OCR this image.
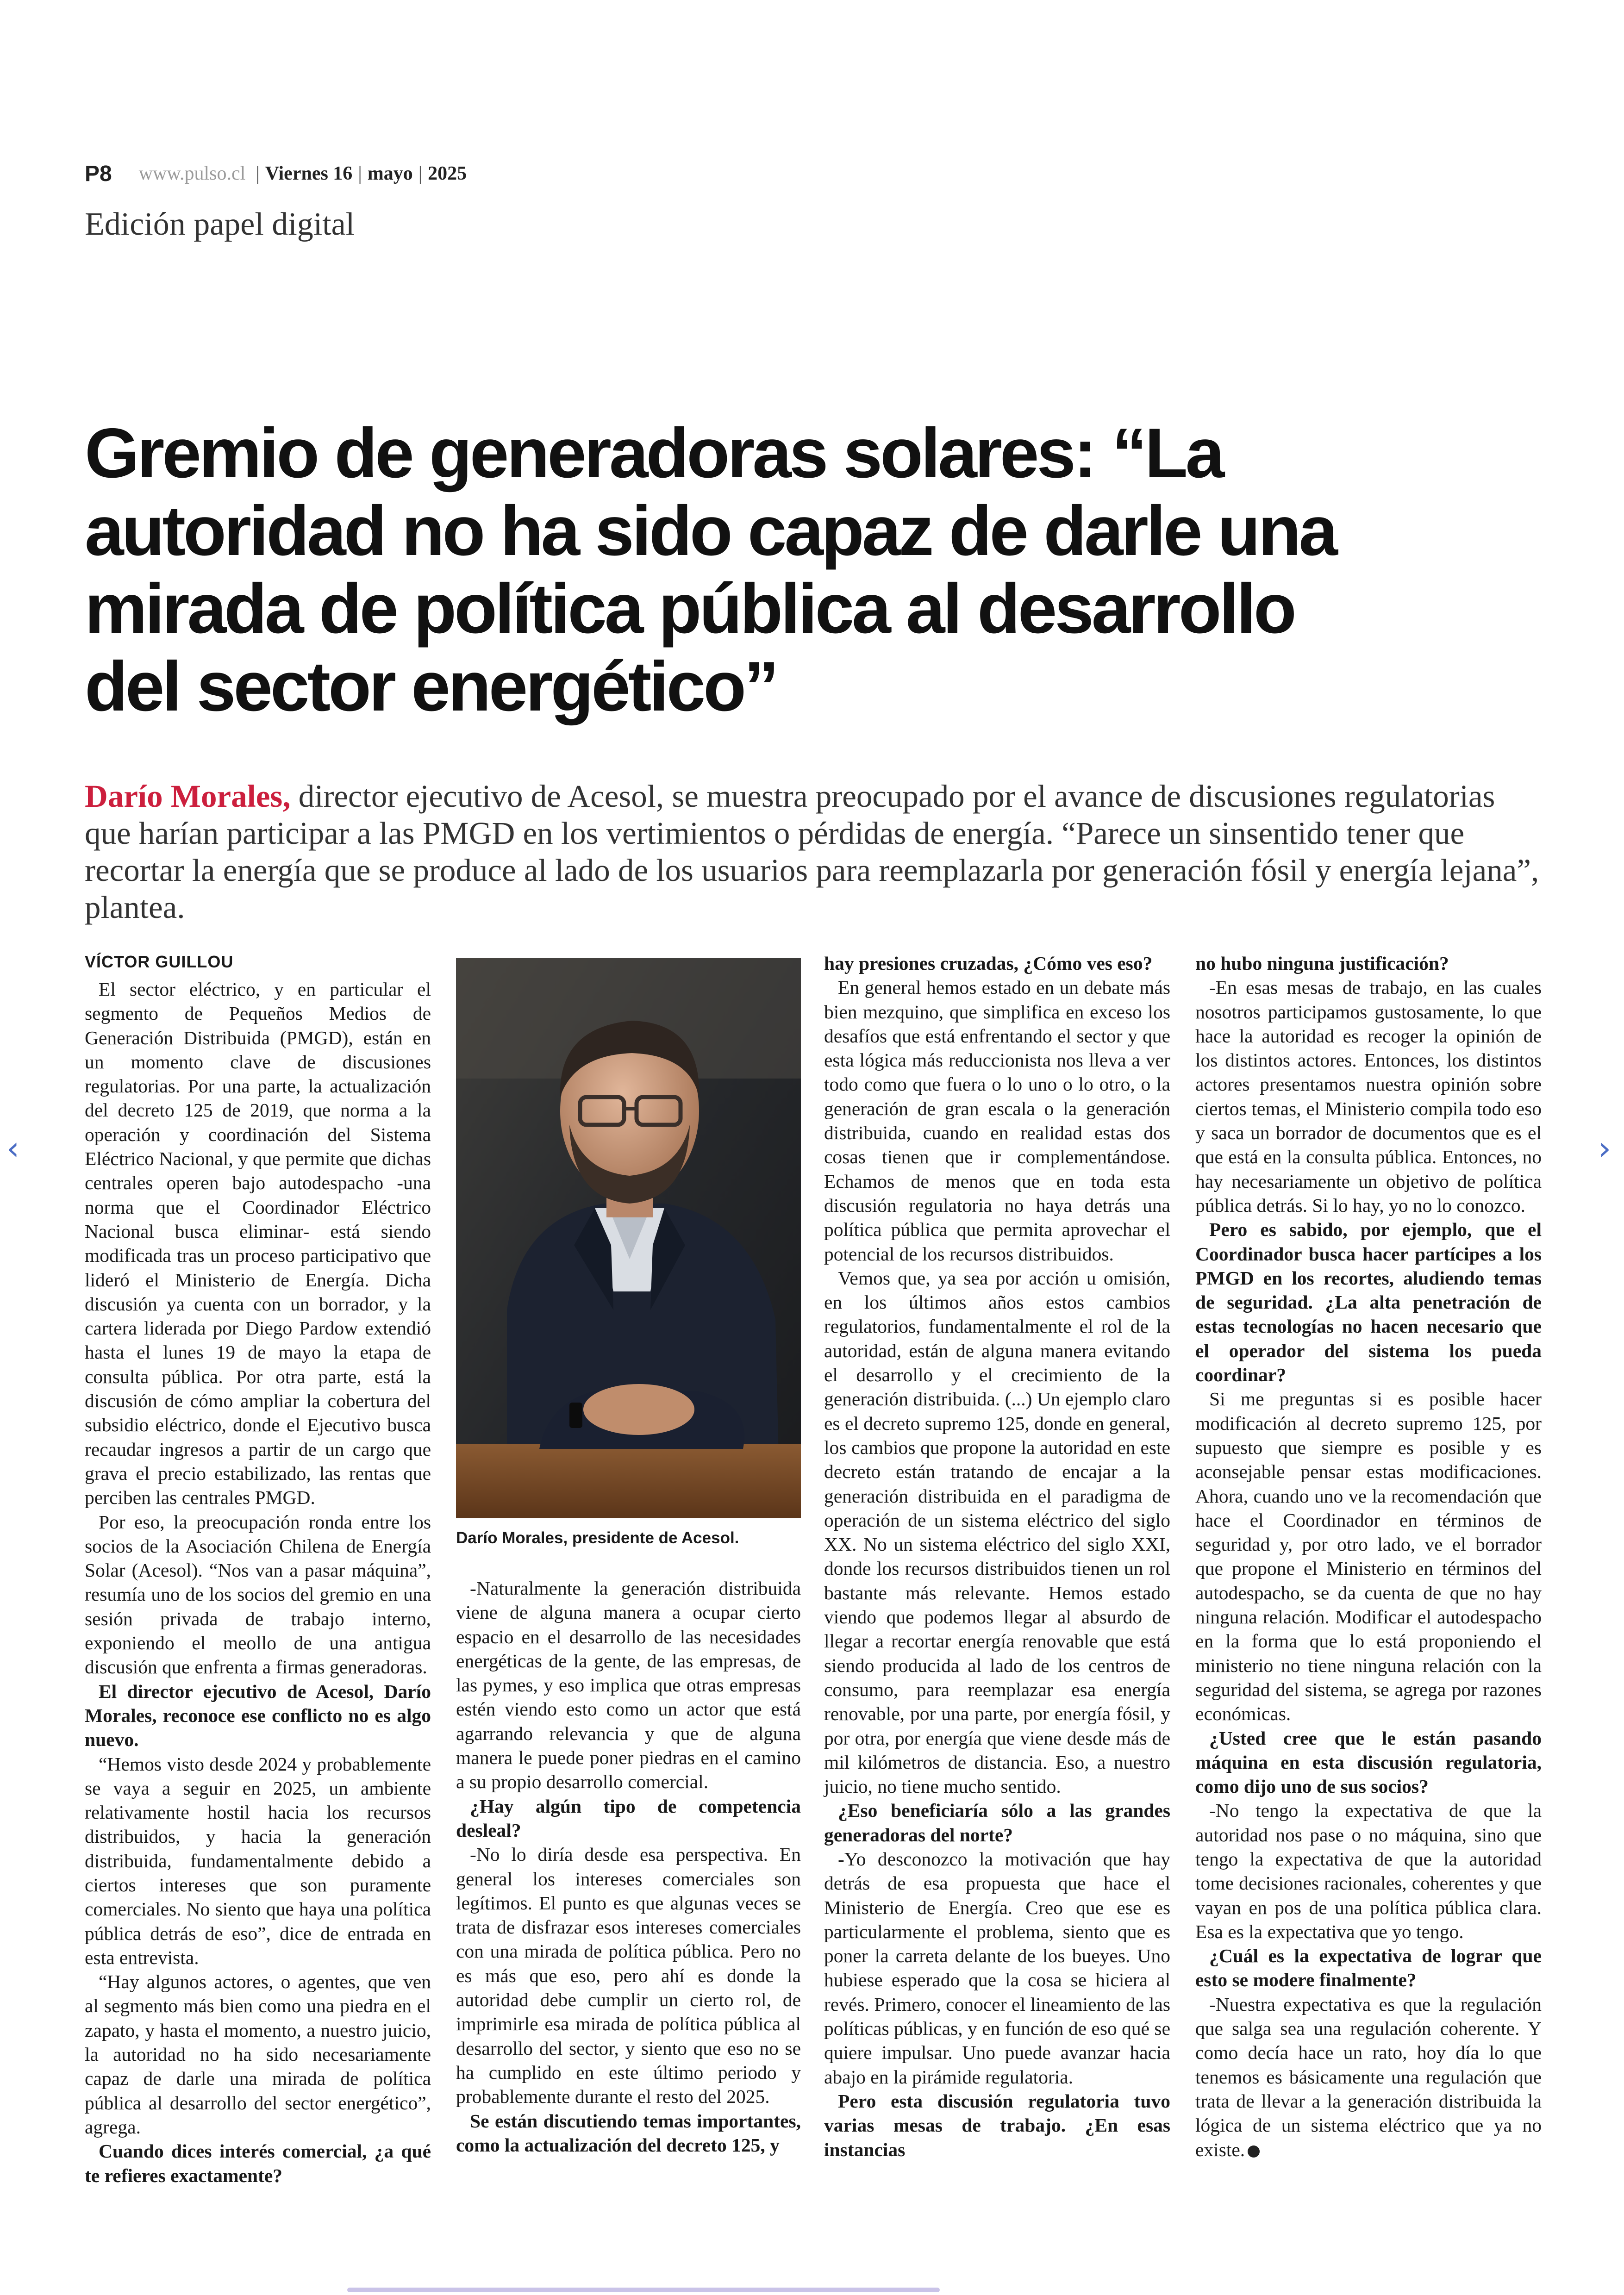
P8 www.pulso.cl | Viernes 16 | mayo | 2025
Edición papel digital
Gremio de generadoras solares: “La autoridad no ha sido capaz de darle una mirada de política pública al desarrollo del sector energético”

Darío Morales, director ejecutivo de Acesol, se muestra preocupado por el avance de discusiones regulatorias que harían participar a las PMGD en los vertimientos o pérdidas de energía. “Parece un sinsentido tener que recortar la energía que se produce al lado de los usuarios para reemplazarla por generación fósil y energía lejana”, plantea.

VÍCTOR GUILLOU

El sector eléctrico, y en particular el segmento de Pequeños Medios de Generación Distribuida (PMGD), están en un momento clave de discusiones regulatorias. Por una parte, la actualización del decreto 125 de 2019, que norma a la operación y coordinación del Sistema Eléctrico Nacional, y que permite que dichas centrales operen bajo autodespacho -una norma que el Coordinador Eléctrico Nacional busca eliminar- está siendo modificada tras un proceso participativo que lideró el Ministerio de Energía. Dicha discusión ya cuenta con un borrador, y la cartera liderada por Diego Pardow extendió hasta el lunes 19 de mayo la etapa de consulta pública. Por otra parte, está la discusión de cómo ampliar la cobertura del subsidio eléctrico, donde el Ejecutivo busca recaudar ingresos a partir de un cargo que grava el precio estabilizado, las rentas que perciben las centrales PMGD.

Por eso, la preocupación ronda entre los socios de la Asociación Chilena de Energía Solar (Acesol). “Nos van a pasar máquina”, resumía uno de los socios del gremio en una sesión privada de trabajo interno, exponiendo el meollo de una antigua discusión que enfrenta a firmas generadoras.

El director ejecutivo de Acesol, Darío Morales, reconoce ese conflicto no es algo nuevo.

“Hemos visto desde 2024 y probablemente se vaya a seguir en 2025, un ambiente relativamente hostil hacia los recursos distribuidos, y hacia la generación distribuida, fundamentalmente debido a ciertos intereses que son puramente comerciales. No siento que haya una política pública detrás de eso”, dice de entrada en esta entrevista.

“Hay algunos actores, o agentes, que ven al segmento más bien como una piedra en el zapato, y hasta el momento, a nuestro juicio, la autoridad no ha sido necesariamente capaz de darle una mirada de política pública al desarrollo del sector energético”, agrega.

Cuando dices interés comercial, ¿a qué te refieres exactamente?

Darío Morales, presidente de Acesol.

-Naturalmente la generación distribuida viene de alguna manera a ocupar cierto espacio en el desarrollo de las necesidades energéticas de la gente, de las empresas, de las pymes, y eso implica que otras empresas estén viendo esto como un actor que está agarrando relevancia y que de alguna manera le puede poner piedras en el camino a su propio desarrollo comercial.

¿Hay algún tipo de competencia desleal?

-No lo diría desde esa perspectiva. En general los intereses comerciales son legítimos. El punto es que algunas veces se trata de disfrazar esos intereses comerciales con una mirada de política pública. Pero no es más que eso, pero ahí es donde la autoridad debe cumplir un cierto rol, de imprimirle esa mirada de política pública al desarrollo del sector, y siento que eso no se ha cumplido en este último periodo y probablemente durante el resto del 2025.

Se están discutiendo temas importantes, como la actualización del decreto 125, y

hay presiones cruzadas, ¿Cómo ves eso?

En general hemos estado en un debate más bien mezquino, que simplifica en exceso los desafíos que está enfrentando el sector y que esta lógica más reduccionista nos lleva a ver todo como que fuera o lo uno o lo otro, o la generación de gran escala o la generación distribuida, cuando en realidad estas dos cosas tienen que ir complementándose. Echamos de menos que en toda esta discusión regulatoria no haya detrás una política pública que permita aprovechar el potencial de los recursos distribuidos.

Vemos que, ya sea por acción u omisión, en los últimos años estos cambios regulatorios, fundamentalmente el rol de la autoridad, están de alguna manera evitando el desarrollo y el crecimiento de la generación distribuida. (...) Un ejemplo claro es el decreto supremo 125, donde en general, los cambios que propone la autoridad en este decreto están tratando de encajar a la generación distribuida en el paradigma de operación de un sistema eléctrico del siglo XX. No un sistema eléctrico del siglo XXI, donde los recursos distribuidos tienen un rol bastante más relevante. Hemos estado viendo que podemos llegar al absurdo de llegar a recortar energía renovable que está siendo producida al lado de los centros de consumo, para reemplazar esa energía renovable, por una parte, por energía fósil, y por otra, por energía que viene desde más de mil kilómetros de distancia. Eso, a nuestro juicio, no tiene mucho sentido.

¿Eso beneficiaría sólo a las grandes generadoras del norte?

-Yo desconozco la motivación que hay detrás de esa propuesta que hace el Ministerio de Energía. Creo que ese es particularmente el problema, siento que es poner la carreta delante de los bueyes. Uno hubiese esperado que la cosa se hiciera al revés. Primero, conocer el lineamiento de las políticas públicas, y en función de eso qué se quiere impulsar. Uno puede avanzar hacia abajo en la pirámide regulatoria.

Pero esta discusión regulatoria tuvo varias mesas de trabajo. ¿En esas instancias

no hubo ninguna justificación?

-En esas mesas de trabajo, en las cuales nosotros participamos gustosamente, lo que hace la autoridad es recoger la opinión de los distintos actores. Entonces, los distintos actores presentamos nuestra opinión sobre ciertos temas, el Ministerio compila todo eso y saca un borrador de documentos que es el que está en la consulta pública. Entonces, no hay necesariamente un objetivo de política pública detrás. Si lo hay, yo no lo conozco.

Pero es sabido, por ejemplo, que el Coordinador busca hacer partícipes a los PMGD en los recortes, aludiendo temas de seguridad. ¿La alta penetración de estas tecnologías no hacen necesario que el operador del sistema los pueda coordinar?

Si me preguntas si es posible hacer modificación al decreto supremo 125, por supuesto que siempre es posible y es aconsejable pensar estas modificaciones. Ahora, cuando uno ve la recomendación que hace el Coordinador en términos de seguridad y, por otro lado, ve el borrador que propone el Ministerio en términos del autodespacho, se da cuenta de que no hay ninguna relación. Modificar el autodespacho en la forma que lo está proponiendo el ministerio no tiene ninguna relación con la seguridad del sistema, se agrega por razones económicas.

¿Usted cree que le están pasando máquina en esta discusión regulatoria, como dijo uno de sus socios?

-No tengo la expectativa de que la autoridad nos pase o no máquina, sino que tengo la expectativa de que la autoridad tome decisiones racionales, coherentes y que vayan en pos de una política pública clara. Esa es la expectativa que yo tengo.

¿Cuál es la expectativa de lograr que esto se modere finalmente?

-Nuestra expectativa es que la regulación que salga sea una regulación coherente. Y como decía hace un rato, hoy día lo que tenemos es básicamente una regulación que trata de llevar a la generación distribuida la lógica de un sistema eléctrico que ya no existe.

‹	›
